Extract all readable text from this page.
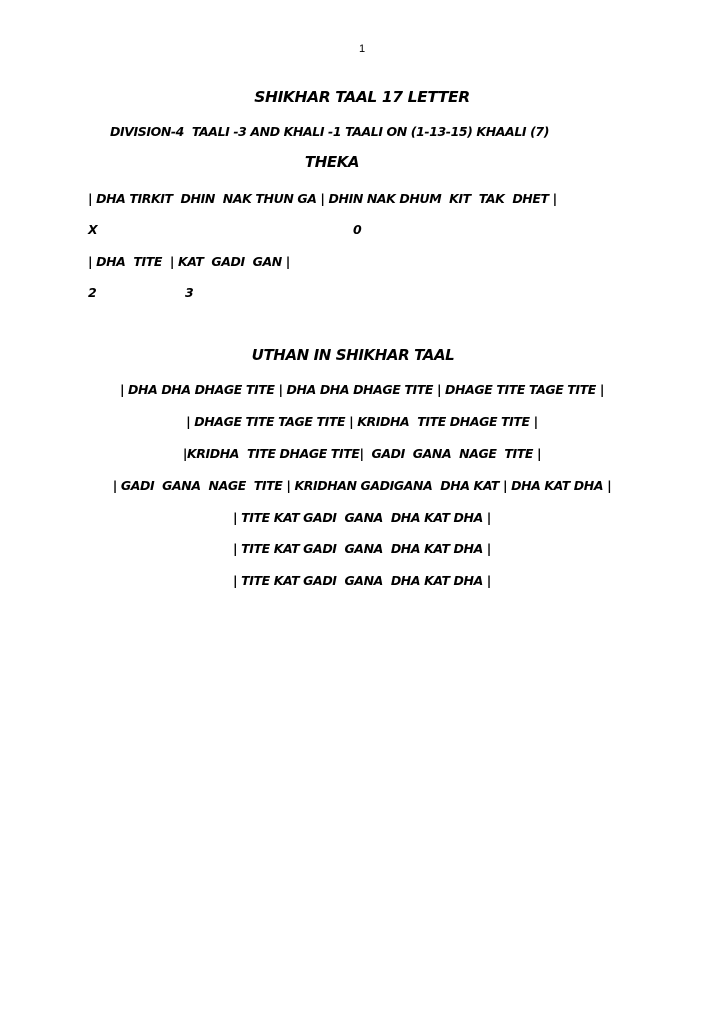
1
SHIKHAR TAAL 17 LETTER
DIVISION-4  TAALI -3 AND KHALI -1 TAALI ON (1-13-15) KHAALI (7)
THEKA
| DHA TIRKIT  DHIN  NAK THUN GA | DHIN NAK DHUM  KIT  TAK  DHET |
X	0
| DHA  TITE  | KAT  GADI  GAN |
2	3
UTHAN IN SHIKHAR TAAL
| DHA DHA DHAGE TITE | DHA DHA DHAGE TITE | DHAGE TITE TAGE TITE |
| DHAGE TITE TAGE TITE | KRIDHA  TITE DHAGE TITE |
|KRIDHA  TITE DHAGE TITE|  GADI  GANA  NAGE  TITE |
| GADI  GANA  NAGE  TITE | KRIDHAN GADIGANA  DHA KAT | DHA KAT DHA |
| TITE KAT GADI  GANA  DHA KAT DHA |
| TITE KAT GADI  GANA  DHA KAT DHA |
| TITE KAT GADI  GANA  DHA KAT DHA |
